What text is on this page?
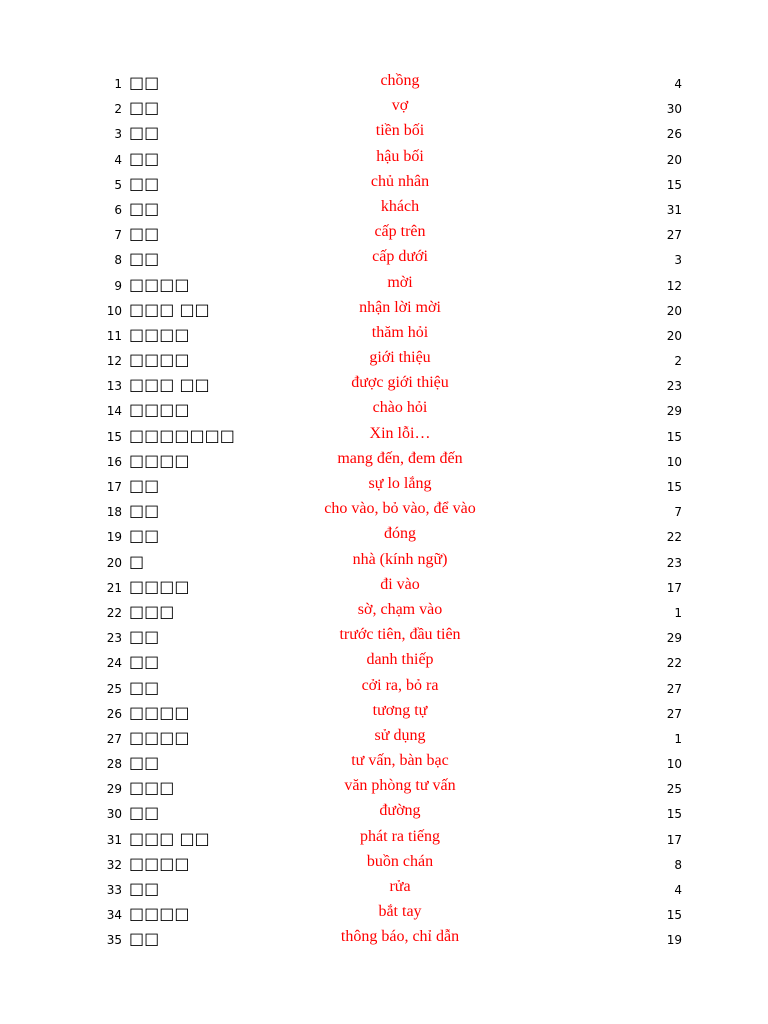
1 □□	chồng	4
2 □□	vợ	30
3 □□	tiền bối	26
4 □□	hậu bối	20
5 □□	chủ nhân	15
6 □□	khách	31
7 □□	cấp trên	27
8 □□	cấp dưới	3
9 □□□□	mời	12
10 □□□ □□	nhận lời mời	20
11 □□□□	thăm hỏi	20
12 □□□□	giới thiệu	2
13 □□□ □□	được giới thiệu	23
14 □□□□	chào hỏi	29
15 □□□□□□□	Xin lỗi…	15
16 □□□□	mang đến, đem đến	10
17 □□	sự lo lắng	15
18 □□	cho vào, bỏ vào, để vào	7
19 □□	đóng	22
20 □	nhà (kính ngữ)	23
21 □□□□	đi vào	17
22 □□□	sờ, chạm vào	1
23 □□	trước tiên, đầu tiên	29
24 □□	danh thiếp	22
25 □□	cởi ra, bỏ ra	27
26 □□□□	tương tự	27
27 □□□□	sử dụng	1
28 □□	tư vấn, bàn bạc	10
29 □□□	văn phòng tư vấn	25
30 □□	đường	15
31 □□□ □□	phát ra tiếng	17
32 □□□□	buồn chán	8
33 □□	rửa	4
34 □□□□	bắt tay	15
35 □□	thông báo, chỉ dẫn	19
